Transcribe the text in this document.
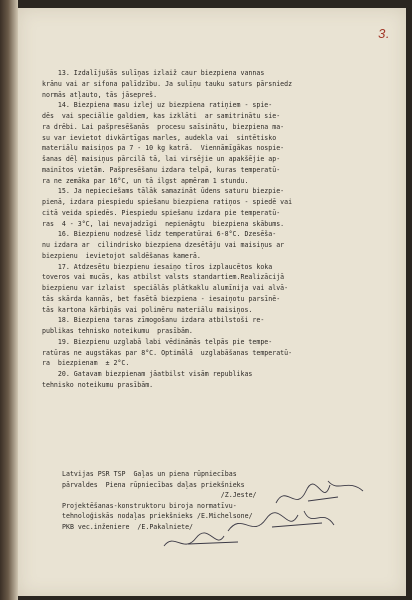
3.
13. Izdalījušās sulīņas izlaiž caur biezpiena vannas
krānu vai ar sifona palīdzību. Ja sulīņu tauku saturs pārsniedz
normās atļauto, tās jāsepreš.
14. Biezpiena masu izlej uz biezpiena ratiņiem - spie-
dēs  vai speciālie galdiem, kas izklāti  ar samitrinātu sie-
ra drēbi. Lai pašpresēšanās  procesu saīsinātu, biezpiena ma-
su var ievietot divkārtīgas marles, audekla vai  sintētisko
materiālu maisiņos pa 7 - 10 kg katrā.  Viennāmīgākas nospie-
šanas dēļ maisiņus pārcilā tā, lai virsējie un apakšējie ap-
mainītos vietām. Pašpresēšanu izdara telpā, kuras temperatū-
ra ne zemāka par 16°C, un tā ilgst apmēram 1 stundu.
15. Ja nepieciešams tālāk samazināt ūdens saturu biezpie-
pienā, izdara piespiedu spiešanu biezpiena ratiņos - spiedē vai
citā veida spiedēs. Piespiedu spiešanu izdara pie temperatū-
ras  4 - 3°C, lai nevajadzīgi  nepienāgtu  biezpiena skābums.
16. Biezpienu nodzesē līdz temperatūrai 6-8°C. Dzesēša-
nu izdara ar  cilindrisko biezpiena dzesētāju vai maisiņus ar
biezpienu  ievietojot saldēšanas kamerā.
17. Atdzesētu biezpienu iesaiņo tīros izplaucētos koka
toveros vai mucās, kas atbilst valsts standartiem.Realizācijā
biezpienu var izlaist  speciālās plātkaklu alumīnija vai alvā-
tās skārda kannās, bet fasētā biezpiena - iesaiņotu parsīnē-
tās kartona kārbiņās vai polimēru materiālu maisiņos.
18. Biezpiena taras zīmogošanu izdara atbilstoši re-
publikas tehnisko noteikumu  prasībām.
19. Biezpienu uzglabā labi vēdināmās telpās pie tempe-
ratūras ne augstākas par 8°C. Optimālā  uzglabāšanas temperatū-
ra  biezpienam  ± 2°C.
20. Gatavam biezpienam jāatbilst visām republikas
tehnisko noteikumu prasībām.
Latvijas PSR TSP  Gaļas un piena rūpniecības
pārvaldes  Piena rūpniecības daļas priekšnieks
/Z.Jeste/
Projektēšanas-konstruktoru biroja normatīvu-
tehnoloģiskās nodaļas priekšnieks /E.Michelsone/
PKB vec.inženiere  /E.Pakalniete/
